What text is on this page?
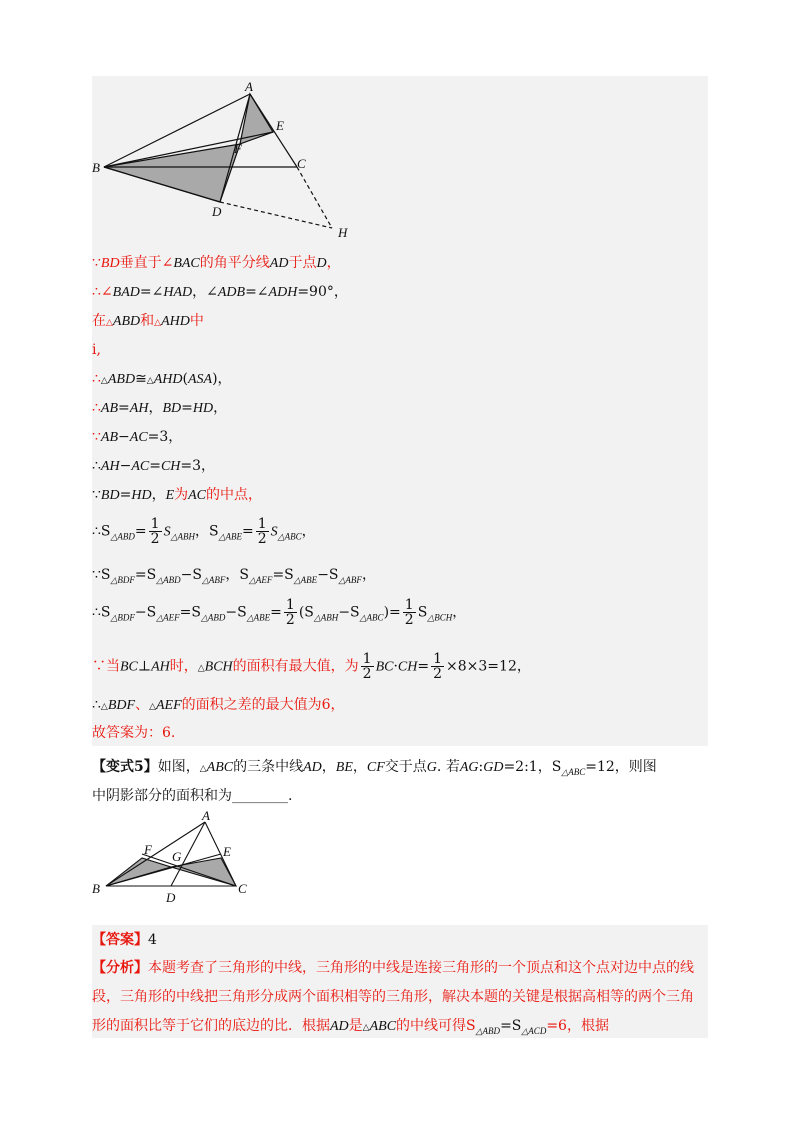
A
B	C
D
E
F
H
∵BD垂直于∠BAC的角平分线AD于点D，
∴∠BAD=∠HAD，∠ADB=∠ADH=90°，
在△ABD和△AHD中
i,
∴△ABD≅△AHD(ASA)，
∴AB=AH，BD=HD，
∵AB−AC=3，
∴AH−AC=CH=3，
∵BD=HD，E为AC的中点，
$\therefore S_{\triangle ABD}= \frac{1}{2} S_{\triangle ABH}$，$S_{\triangle ABE}= \frac{1}{2} S_{\triangle ABC}$，
$\because S_{\triangle BDF}=S_{\triangle ABD}-S_{\triangle ABF}$，$S_{\triangle AEF}=S_{\triangle ABE}-S_{\triangle ABF}$，
$\therefore S_{\triangle BDF}-S_{\triangle AEF}=S_{\triangle ABD}-S_{\triangle ABE}= \frac{1}{2} (S_{\triangle ABH}-S_{\triangle ABC})= \frac{1}{2} S_{\triangle BCH}$，
∵当BC⊥AH时，△BCH的面积有最大值，为 $\frac{1}{2} BC\cdot CH= \frac{1}{2} \times 8\times 3=12$，
∴△BDF、△AEF的面积之差的最大值为6，
故答案为：6.
【变式5】如图，△ABC的三条中线AD，BE，CF交于点G. 若AG:GD=2:1，$S_{\triangle ABC}=12$，则图
中阴影部分的面积和为________.
A
B	C
D
E
F G
【答案】4
【分析】本题考查了三角形的中线，三角形的中线是连接三角形的一个顶点和这个点对边中点的线
段，三角形的中线把三角形分成两个面积相等的三角形，解决本题的关键是根据高相等的两个三角
形的面积比等于它们的底边的比．根据AD是△ABC的中线可得$S_{\triangle ABD}=S_{\triangle ACD}=6$，根据
